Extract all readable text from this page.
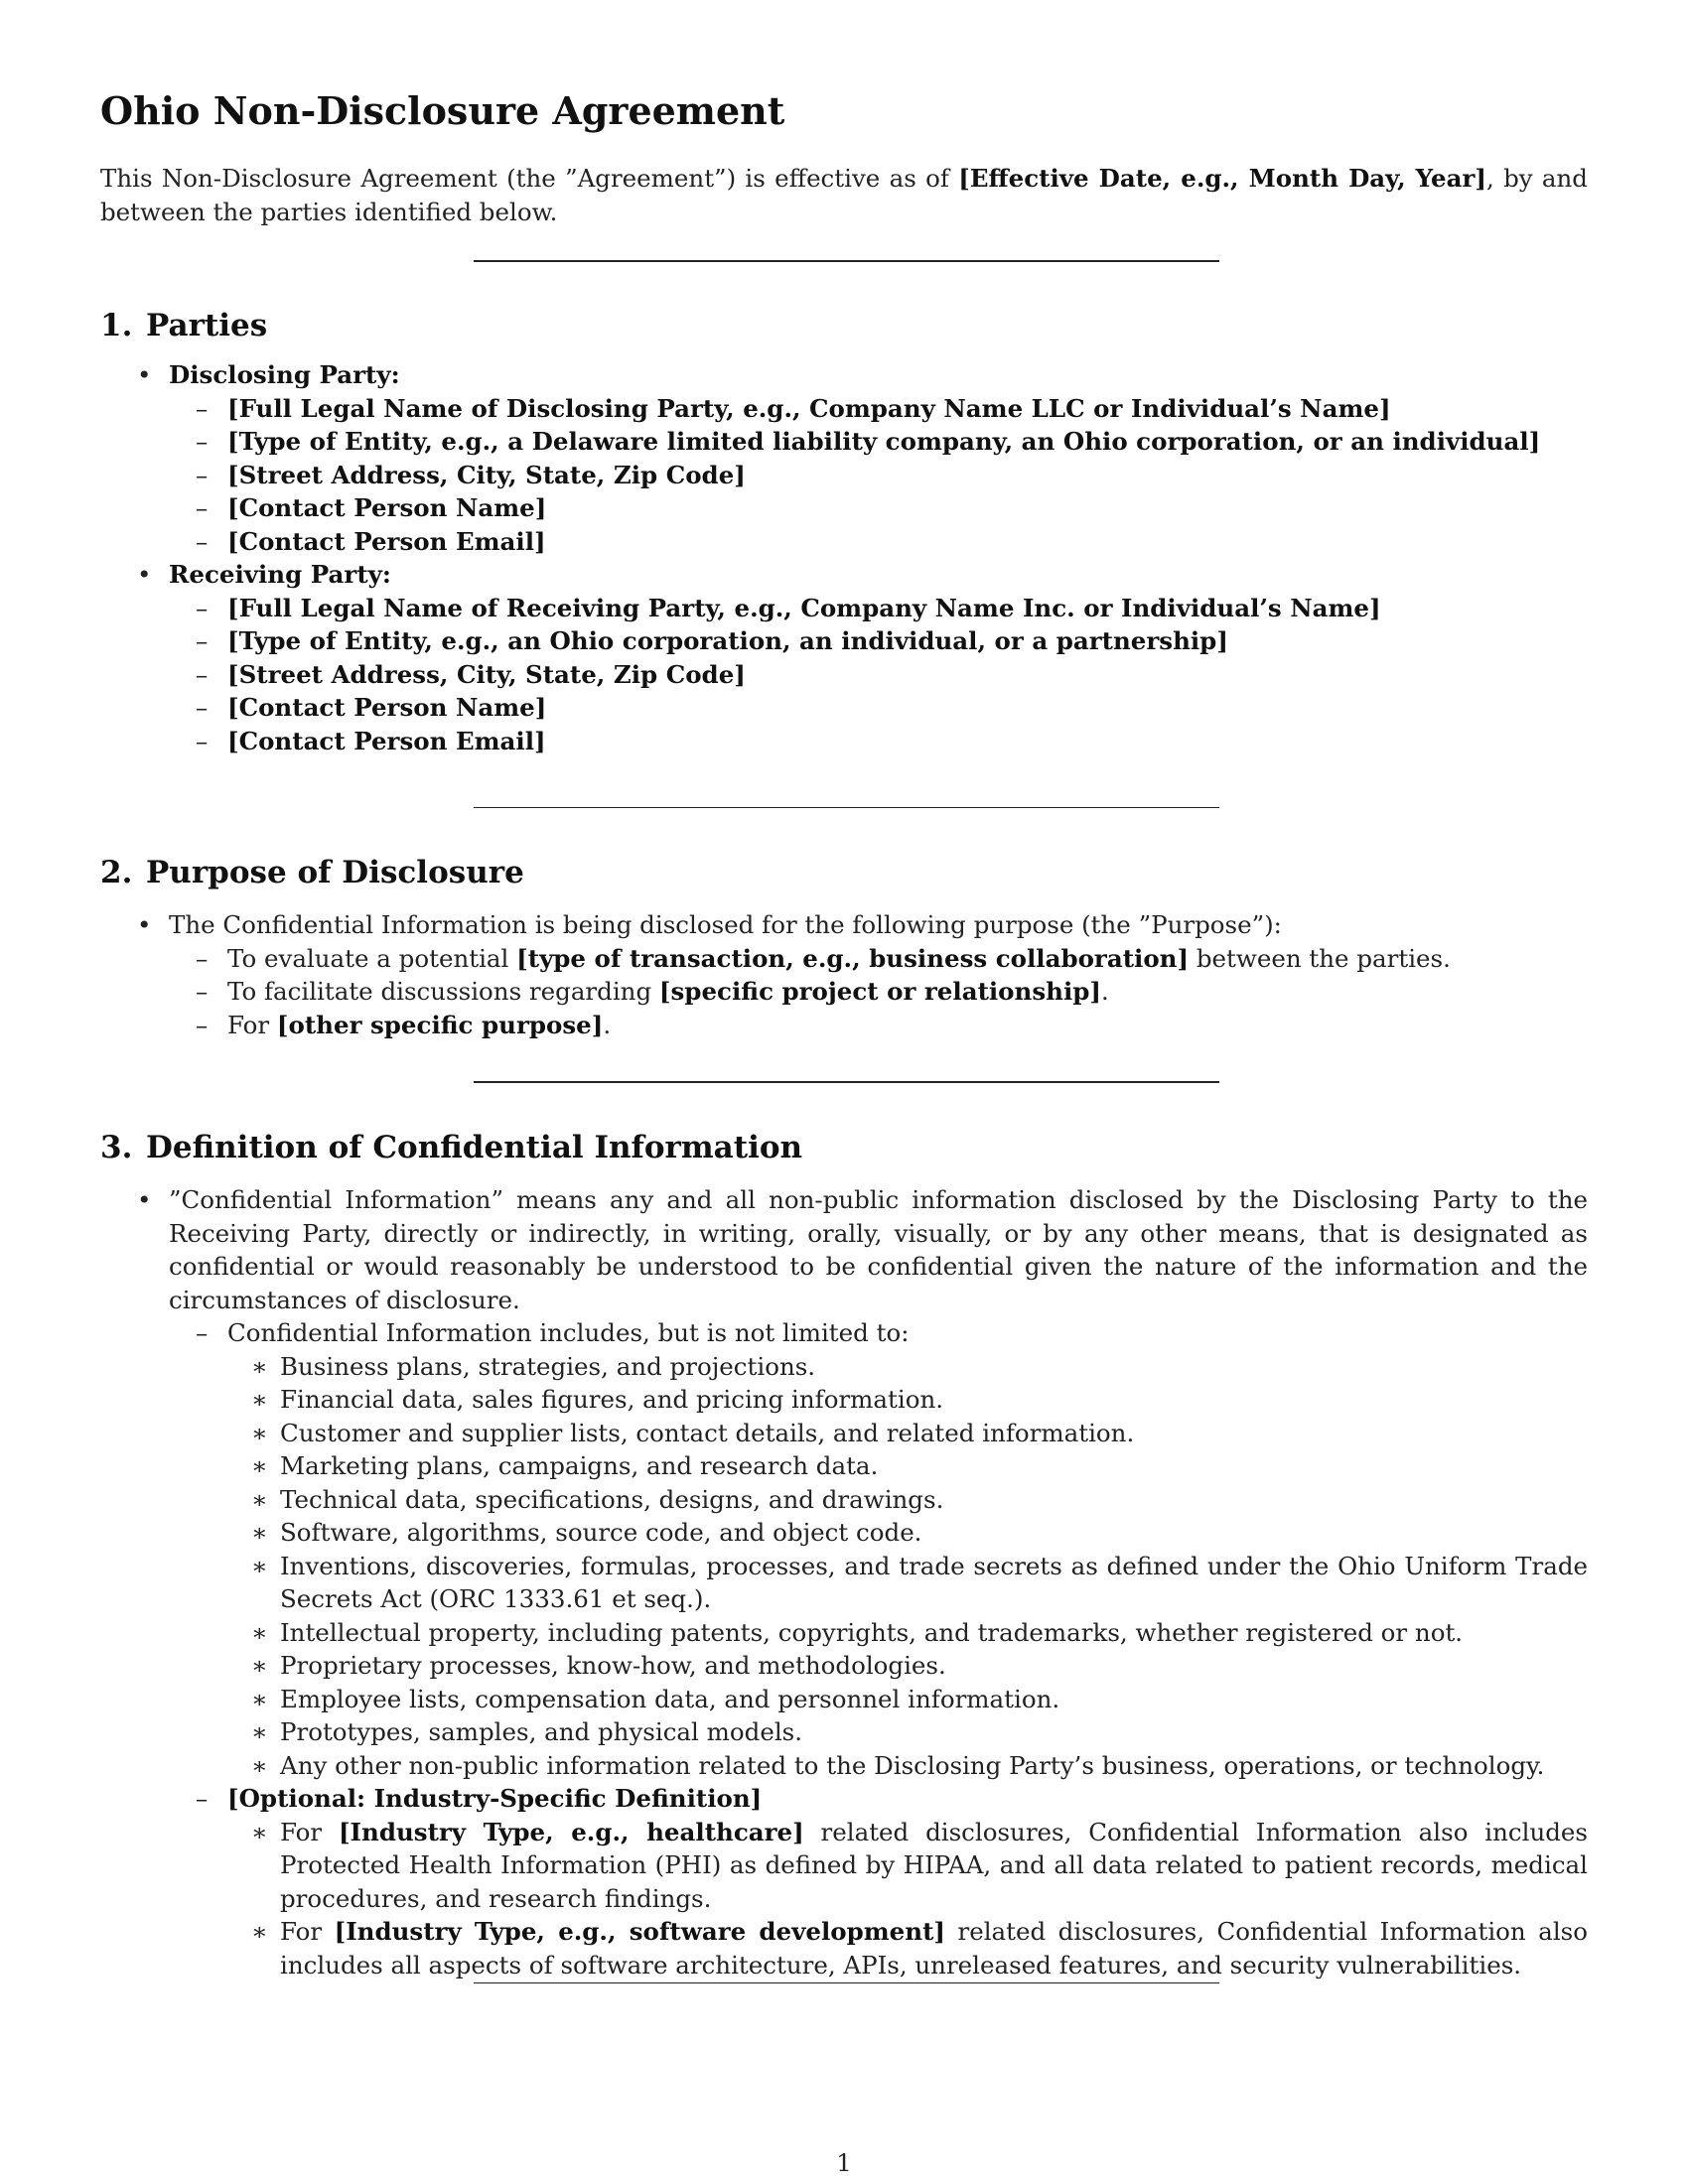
Ohio Non-Disclosure Agreement

This Non-Disclosure Agreement (the ”Agreement”) is effective as of [Effective Date, e.g., Month Day, Year], by and between the parties identified below.

1. Parties
• Disclosing Party:
– [Full Legal Name of Disclosing Party, e.g., Company Name LLC or Individual’s Name]
– [Type of Entity, e.g., a Delaware limited liability company, an Ohio corporation, or an individual]
– [Street Address, City, State, Zip Code]
– [Contact Person Name]
– [Contact Person Email]
• Receiving Party:
– [Full Legal Name of Receiving Party, e.g., Company Name Inc. or Individual’s Name]
– [Type of Entity, e.g., an Ohio corporation, an individual, or a partnership]
– [Street Address, City, State, Zip Code]
– [Contact Person Name]
– [Contact Person Email]
2. Purpose of Disclosure
• The Confidential Information is being disclosed for the following purpose (the ”Purpose”):
– To evaluate a potential [type of transaction, e.g., business collaboration] between the parties.
– To facilitate discussions regarding [specific project or relationship].
– For [other specific purpose].
3. Definition of Confidential Information
• ”Confidential Information” means any and all non-public information disclosed by the Disclosing Party to the Receiving Party, directly or indirectly, in writing, orally, visually, or by any other means, that is designated as confidential or would reasonably be understood to be confidential given the nature of the information and the circumstances of disclosure.
– Confidential Information includes, but is not limited to:
∗ Business plans, strategies, and projections.
∗ Financial data, sales figures, and pricing information.
∗ Customer and supplier lists, contact details, and related information.
∗ Marketing plans, campaigns, and research data.
∗ Technical data, specifications, designs, and drawings.
∗ Software, algorithms, source code, and object code.
∗ Inventions, discoveries, formulas, processes, and trade secrets as defined under the Ohio Uniform Trade Secrets Act (ORC 1333.61 et seq.).
∗ Intellectual property, including patents, copyrights, and trademarks, whether registered or not.
∗ Proprietary processes, know-how, and methodologies.
∗ Employee lists, compensation data, and personnel information.
∗ Prototypes, samples, and physical models.
∗ Any other non-public information related to the Disclosing Party’s business, operations, or technology.
– [Optional: Industry-Specific Definition]
∗ For [Industry Type, e.g., healthcare] related disclosures, Confidential Information also includes Protected Health Information (PHI) as defined by HIPAA, and all data related to patient records, medical procedures, and research findings.
∗ For [Industry Type, e.g., software development] related disclosures, Confidential Information also includes all aspects of software architecture, APIs, unreleased features, and security vulnerabilities.
1
